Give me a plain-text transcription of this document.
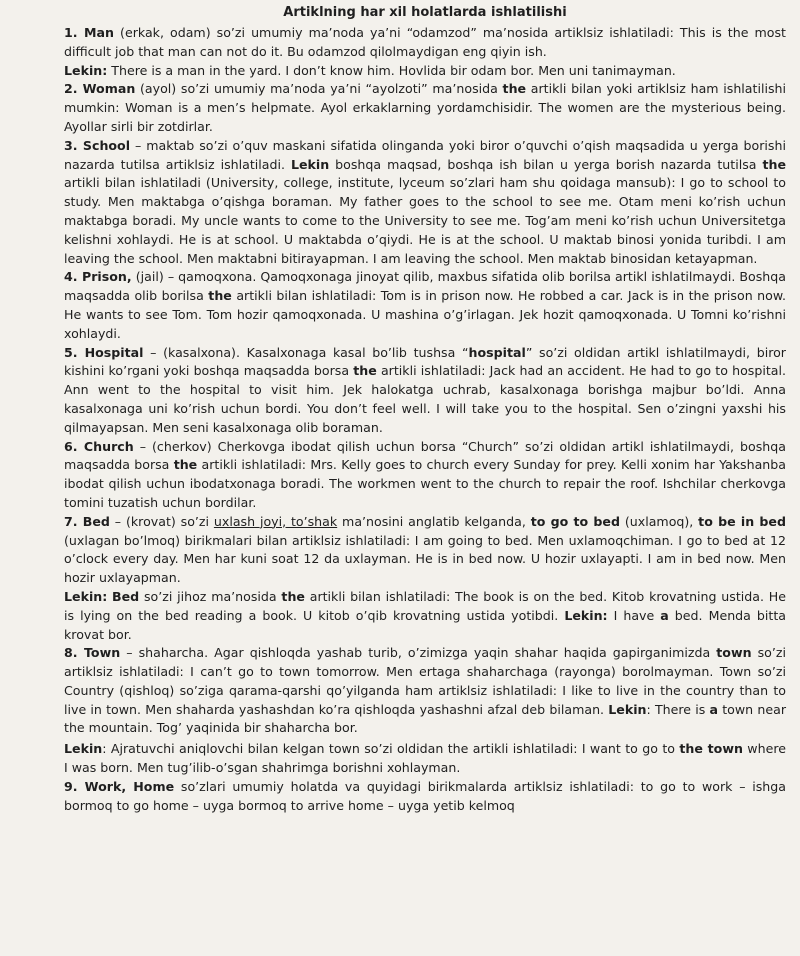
Artiklning har xil holatlarda ishlatilishi

1. Man (erkak, odam) so’zi umumiy ma’noda ya’ni “odamzod” ma’nosida artiklsiz ishlatiladi: This is the most difficult job that man can not do it. Bu odamzod qilolmaydigan eng qiyin ish.

Lekin: There is a man in the yard. I don’t know him. Hovlida bir odam bor. Men uni tanimayman.

2. Woman (ayol) so’zi umumiy ma’noda ya’ni “ayolzoti” ma’nosida the artikli bilan yoki artiklsiz ham ishlatilishi mumkin: Woman is a men’s helpmate. Ayol erkaklarning yordamchisidir. The women are the mysterious being. Ayollar sirli bir zotdirlar.

3. School – maktab so’zi o’quv maskani sifatida olinganda yoki biror o’quvchi o’qish maqsadida u yerga borishi nazarda tutilsa artiklsiz ishlatiladi. Lekin boshqa maqsad, boshqa ish bilan u yerga borish nazarda tutilsa the artikli bilan ishlatiladi (University, college, institute, lyceum so’zlari ham shu qoidaga mansub): I go to school to study. Men maktabga o’qishga boraman. My father goes to the school to see me. Otam meni ko’rish uchun maktabga boradi. My uncle wants to come to the University to see me. Tog’am meni ko’rish uchun Universitetga kelishni xohlaydi. He is at school. U maktabda o’qiydi. He is at the school. U maktab binosi yonida turibdi. I am leaving the school. Men maktabni bitirayapman. I am leaving the school. Men maktab binosidan ketayapman.

4. Prison, (jail) – qamoqxona. Qamoqxonaga jinoyat qilib, maxbus sifatida olib borilsa artikl ishlatilmaydi. Boshqa maqsadda olib borilsa the artikli bilan ishlatiladi: Tom is in prison now. He robbed a car. Jack is in the prison now. He wants to see Tom. Tom hozir qamoqxonada. U mashina o’g’irlagan. Jek hozit qamoqxonada. U Tomni ko’rishni xohlaydi.

5. Hospital – (kasalxona). Kasalxonaga kasal bo’lib tushsa “hospital” so’zi oldidan artikl ishlatilmaydi, biror kishini ko’rgani yoki boshqa maqsadda borsa the artikli ishlatiladi: Jack had an accident. He had to go to hospital. Ann went to the hospital to visit him. Jek halokatga uchrab, kasalxonaga borishga majbur bo’ldi. Anna kasalxonaga uni ko’rish uchun bordi. You don’t feel well. I will take you to the hospital. Sen o’zingni yaxshi his qilmayapsan. Men seni kasalxonaga olib boraman.

6. Church – (cherkov) Cherkovga ibodat qilish uchun borsa “Church” so’zi oldidan artikl ishlatilmaydi, boshqa maqsadda borsa the artikli ishlatiladi: Mrs. Kelly goes to church every Sunday for prey. Kelli xonim har Yakshanba ibodat qilish uchun ibodatxonaga boradi. The workmen went to the church to repair the roof. Ishchilar cherkovga tomini tuzatish uchun bordilar.

7. Bed – (krovat) so’zi uxlash joyi, to’shak ma’nosini anglatib kelganda, to go to bed (uxlamoq), to be in bed (uxlagan bo’lmoq) birikmalari bilan artiklsiz ishlatiladi: I am going to bed. Men uxlamoqchiman. I go to bed at 12 o’clock every day. Men har kuni soat 12 da uxlayman. He is in bed now. U hozir uxlayapti. I am in bed now. Men hozir uxlayapman.

Lekin: Bed so’zi jihoz ma’nosida the artikli bilan ishlatiladi: The book is on the bed. Kitob krovatning ustida. He is lying on the bed reading a book. U kitob o’qib krovatning ustida yotibdi. Lekin: I have a bed. Menda bitta krovat bor.

8. Town – shaharcha. Agar qishloqda yashab turib, o’zimizga yaqin shahar haqida gapirganimizda town so’zi artiklsiz ishlatiladi: I can’t go to town tomorrow. Men ertaga shaharchaga (rayonga) borolmayman. Town so’zi Country (qishloq) so’ziga qarama-qarshi qo’yilganda ham artiklsiz ishlatiladi: I like to live in the country than to live in town. Men shaharda yashashdan ko’ra qishloqda yashashni afzal deb bilaman. Lekin: There is a town near the mountain. Tog’ yaqinida bir shaharcha bor.

Lekin: Ajratuvchi aniqlovchi bilan kelgan town so’zi oldidan the artikli ishlatiladi: I want to go to the town where I was born. Men tug’ilib-o’sgan shahrimga borishni xohlayman.

9. Work, Home so’zlari umumiy holatda va quyidagi birikmalarda artiklsiz ishlatiladi: to go to work – ishga bormoq to go home – uyga bormoq to arrive home – uyga yetib kelmoq
